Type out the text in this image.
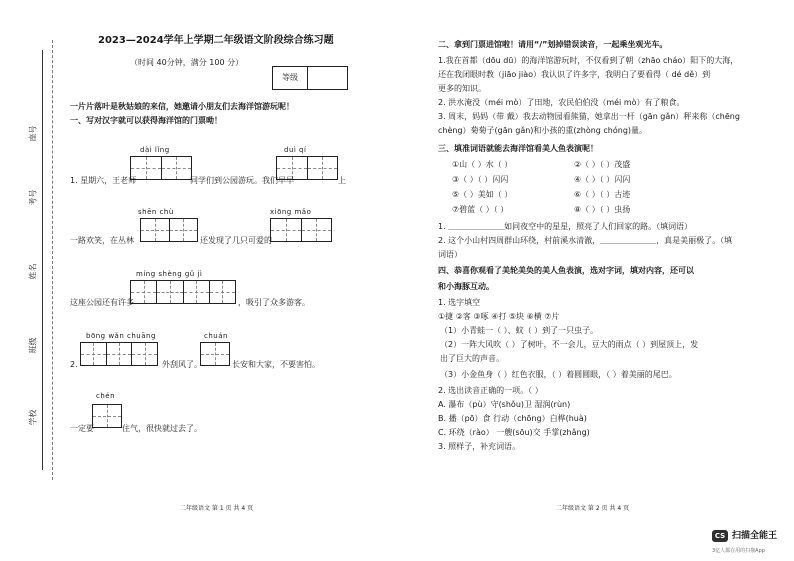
座号
考号
姓名
班级
学校
2023—2024学年上学期二年级语文阶段综合练习题
（时间 40分钟，满分 100 分）
等级
一片片落叶是秋姑娘的来信，她邀请小朋友们去海洋馆游玩呢！
一、写对汉字就可以获得海洋馆的门票呦！
dài lǐng	duì qí
1. 星期六，王老师	同学们到公园游玩。我们早早	上
shēn chù	xiōng mǎo
一路欢笑，在丛林	还发现了几只可爱的
míng shèng gǔ jì
这座公园还有许多	，吸引了众多游客。
bōng wǎn chuāng	chuán
2.	外刮风了。	长安和大家，不要害怕。
chén
一定要	住气，很快就过去了。
二年级语文 第 1 页 共 4 页
二、拿到门票进馆啦！请用“/”划掉错误读音，一起乘坐观光车。
1.我在首都（dōu dū）的海洋馆游玩时，不仅看到了朝（zhāo cháo）阳下的大海，
还在我闭眼时教（jiāo jiào）我认识了许多字，我明白了要看得（ dé dě）到
更多的知识。
2. 洪水淹没（méi mò）了田地，农民伯伯没（méi mò）有了粮食。
3. 周末，妈妈（带 戴）我去动物园看熊猫，她拿出一杆（gān gǎn）秤来称（chēng
chèng）菊菊子(gān gǎn)和小孩的重(zhòng chóng)量。
三、填准词语就能去海洋馆看美人鱼表演呢！
①山（ ）水（ ）	②（ ）（ ）茂盛
③（ ）（ ）闪闪	④（ ）（ ）闪闪
⑤（ ）美如（ ）	⑥（ ）（ ）古迹
⑦碧蓝（ ）（ ）	⑧（ ）（ ）虫扬
1. ＿＿＿＿＿＿＿如同夜空中的星星，照亮了人们回家的路。（填词语）
2. 这个小山村四周群山环绕，村前溪水清澈，＿＿＿＿＿＿＿，真是美丽极了。（填
词语）
四、恭喜你观看了美轮美奂的美人鱼表演，选对字词，填对内容，还可以
和小海豚互动。
1. 选字填空
①捷 ②客 ③啄 ④打 ⑤块 ⑥横 ⑦片
（1）小青蛙一（ ）、蚊（ ）到了一只虫子。
（2）一阵大风吹（ ）了树叶，不一会儿，豆大的雨点（ ）到屋顶上，发
出了巨大的声音。
（3）小金鱼身（ ）红色衣服，（ ）着圆圆眼，（ ）着美丽的尾巴。
2. 选出读音正确的一项。（ ）
A. 瀑布（pù）守(shǒu)卫 湿润(rùn)
B. 播（pō）食 行动（chōng）白桦(huà)
C. 环绕（rào） 一艘(sōu)交 手掌(zhǎng)
3. 照样子，补充词语。
二年级语文 第 2 页 共 4 页
CS 扫描全能王
3亿人都在用的扫描App
